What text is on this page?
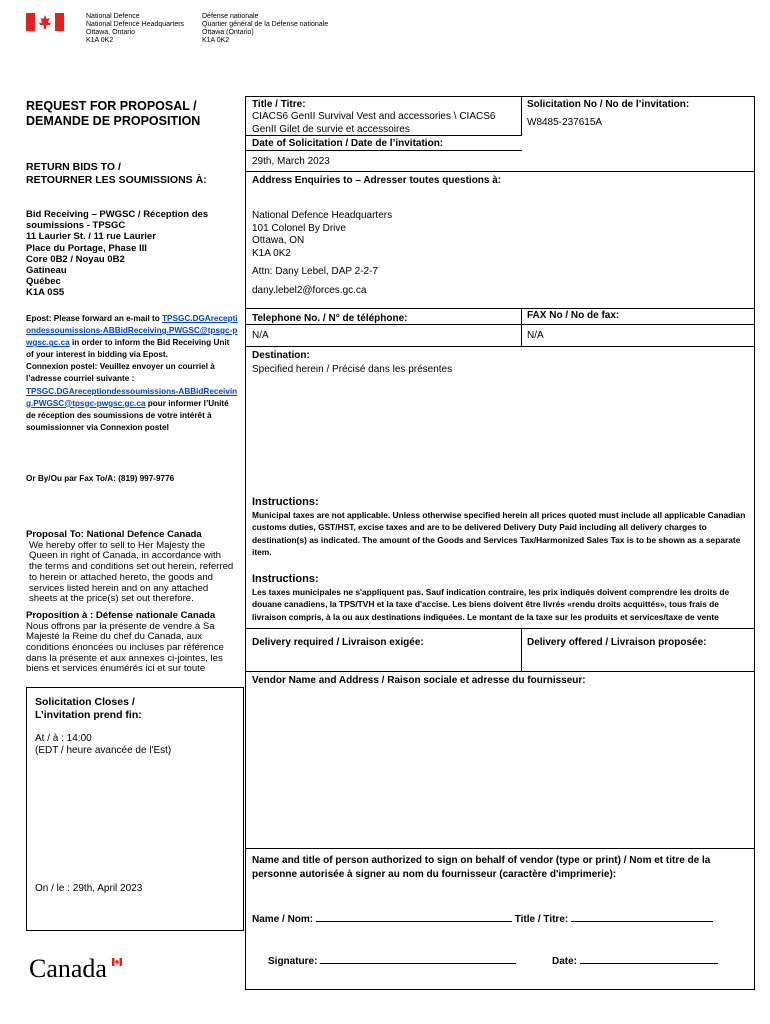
National Defence
National Defence Headquarters
Ottawa, Ontario
K1A 0K2
Défense nationale
Quartier général de la Défense nationale
Ottawa (Ontario)
K1A 0K2
REQUEST FOR PROPOSAL /
DEMANDE DE PROPOSITION
RETURN BIDS TO /
RETOURNER LES SOUMISSIONS À:
Bid Receiving – PWGSC / Réception des
soumissions - TPSGC
11 Laurier St. / 11 rue Laurier
Place du Portage, Phase III
Core 0B2 / Noyau 0B2
Gatineau
Québec
K1A 0S5
Epost: Please forward an e-mail to TPSGC.DGAreceptiondessoumissions-ABBidReceiving.PWGSC@tpsgc-pwgsc.gc.ca in order to inform the Bid Receiving Unit of your interest in bidding via Epost.
Connexion postel: Veuillez envoyer un courriel à l’adresse courriel suivante :
TPSGC.DGAreceptiondessoumissions-ABBidReceiving.PWGSC@tpsgc-pwgsc.gc.ca pour informer l’Unité de réception des soumissions de votre intérêt à soumissionner via Connexion postel
Or By/Ou par Fax To/A: (819) 997-9776
Proposal To: National Defence Canada
We hereby offer to sell to Her Majesty the Queen in right of Canada, in accordance with the terms and conditions set out herein, referred to herein or attached hereto, the goods and services listed herein and on any attached sheets at the price(s) set out therefore.
Proposition à : Défense nationale Canada
Nous offrons par la présente de vendre à Sa Majesté la Reine du chef du Canada, aux conditions énoncées ou incluses par référence dans la présente et aux annexes ci-jointes, les biens et services énumérés ici et sur toute
Solicitation Closes /
L’invitation prend fin:
At / à : 14:00
(EDT / heure avancée de l'Est)
On / le : 29th, April 2023
Canada
Title / Titre:
CIACS6 GenII Survival Vest and accessories \ CIACS6
GenII Gilet de survie et accessoires
Solicitation No / No de l’invitation:
W8485-237615A
Date of Solicitation / Date de l’invitation:
29th, March 2023
Address Enquiries to – Adresser toutes questions à:
National Defence Headquarters
101 Colonel By Drive
Ottawa, ON
K1A 0K2
Attn: Dany Lebel, DAP 2-2-7
dany.lebel2@forces.gc.ca
Telephone No. / N° de téléphone:	FAX No / No de fax:
N/A	N/A
Destination:
Specified herein / Précisé dans les présentes
Instructions:
Municipal taxes are not applicable. Unless otherwise specified herein all prices quoted must include all applicable Canadian customs duties, GST/HST, excise taxes and are to be delivered Delivery Duty Paid including all delivery charges to destination(s) as indicated. The amount of the Goods and Services Tax/Harmonized Sales Tax is to be shown as a separate item.
Instructions:
Les taxes municipales ne s'appliquent pas. Sauf indication contraire, les prix indiqués doivent comprendre les droits de douane canadiens, la TPS/TVH et la taxe d'accise. Les biens doivent être livrés «rendu droits acquittés», tous frais de livraison compris, à la ou aux destinations indiquées. Le montant de la taxe sur les produits et services/taxe de vente
Delivery required / Livraison exigée:	Delivery offered / Livraison proposée:
Vendor Name and Address / Raison sociale et adresse du fournisseur:
Name and title of person authorized to sign on behalf of vendor (type or print) / Nom et titre de la
personne autorisée à signer au nom du fournisseur (caractère d'imprimerie):
Name / Nom:	Title / Titre:
Signature:	Date:
